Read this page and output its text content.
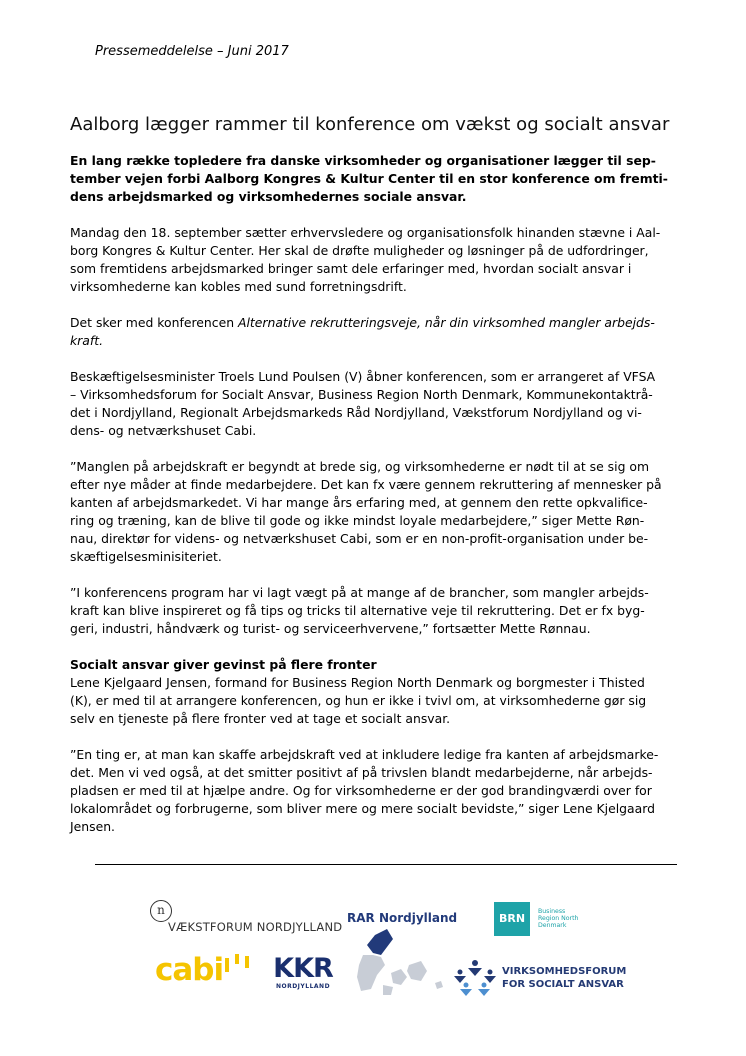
Pressemeddelelse – Juni 2017
Aalborg lægger rammer til konference om vækst og socialt ansvar

En lang række topledere fra danske virksomheder og organisationer lægger til sep-
tember vejen forbi Aalborg Kongres & Kultur Center til en stor konference om fremti-
dens arbejdsmarked og virksomhedernes sociale ansvar.

Mandag den 18. september sætter erhvervsledere og organisationsfolk hinanden stævne i Aal-
borg Kongres & Kultur Center. Her skal de drøfte muligheder og løsninger på de udfordringer,
som fremtidens arbejdsmarked bringer samt dele erfaringer med, hvordan socialt ansvar i
virksomhederne kan kobles med sund forretningsdrift.

Det sker med konferencen Alternative rekrutteringsveje, når din virksomhed mangler arbejds-
kraft.

Beskæftigelsesminister Troels Lund Poulsen (V) åbner konferencen, som er arrangeret af VFSA
– Virksomhedsforum for Socialt Ansvar, Business Region North Denmark, Kommunekontaktrå-
det i Nordjylland, Regionalt Arbejdsmarkeds Råd Nordjylland, Vækstforum Nordjylland og vi-
dens- og netværkshuset Cabi.

”Manglen på arbejdskraft er begyndt at brede sig, og virksomhederne er nødt til at se sig om
efter nye måder at finde medarbejdere. Det kan fx være gennem rekruttering af mennesker på
kanten af arbejdsmarkedet. Vi har mange års erfaring med, at gennem den rette opkvalifice-
ring og træning, kan de blive til gode og ikke mindst loyale medarbejdere,” siger Mette Røn-
nau, direktør for videns- og netværkshuset Cabi, som er en non-profit-organisation under be-
skæftigelsesminisiteriet.

”I konferencens program har vi lagt vægt på at mange af de brancher, som mangler arbejds-
kraft kan blive inspireret og få tips og tricks til alternative veje til rekruttering. Det er fx byg-
geri, industri, håndværk og turist- og serviceerhvervene,” fortsætter Mette Rønnau.

Socialt ansvar giver gevinst på flere fronter

Lene Kjelgaard Jensen, formand for Business Region North Denmark og borgmester i Thisted
(K), er med til at arrangere konferencen, og hun er ikke i tvivl om, at virksomhederne gør sig
selv en tjeneste på flere fronter ved at tage et socialt ansvar.

”En ting er, at man kan skaffe arbejdskraft ved at inkludere ledige fra kanten af arbejdsmarke-
det. Men vi ved også, at det smitter positivt af på trivslen blandt medarbejderne, når arbejds-
pladsen er med til at hjælpe andre. Og for virksomhederne er der god brandingværdi over for
lokalområdet og forbrugerne, som bliver mere og mere socialt bevidste,” siger Lene Kjelgaard
Jensen.

n
VÆKSTFORUM NORDJYLLAND
RAR Nordjylland	BRN
Business
Region North
Denmark
cabi	KKR
NORDJYLLAND
VIRKSOMHEDSFORUM
FOR SOCIALT ANSVAR
